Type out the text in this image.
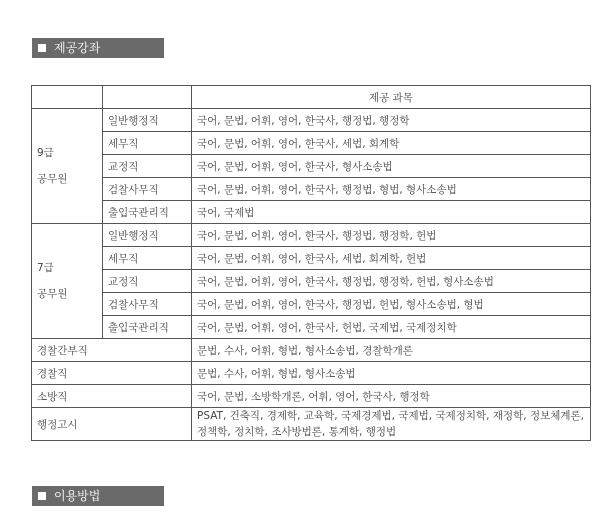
제공강좌
		제공 과목
9급
공무원	일반행정직	국어, 문법, 어휘, 영어, 한국사, 행정법, 행정학
	세무직	국어, 문법, 어휘, 영어, 한국사, 세법, 회계학
	교정직	국어, 문법, 어휘, 영어, 한국사, 형사소송법
	검찰사무직	국어, 문법, 어휘, 영어, 한국사, 행정법, 형법, 형사소송법
	출입국관리직	국어, 국제법
7급
공무원	일반행정직	국어, 문법, 어휘, 영어, 한국사, 행정법, 행정학, 헌법
	세무직	국어, 문법, 어휘, 영어, 한국사, 세법, 회계학, 헌법
	교정직	국어, 문법, 어휘, 영어, 한국사, 행정법, 행정학, 헌법, 형사소송법
	검찰사무직	국어, 문법, 어휘, 영어, 한국사, 행정법, 헌법, 형사소송법, 형법
	출입국관리직	국어, 문법, 어휘, 영어, 한국사, 헌법, 국제법, 국제정치학
경찰간부직		문법, 수사, 어휘, 형법, 형사소송법, 경찰학개론
경찰직		문법, 수사, 어휘, 형법, 형사소송법
소방직		국어, 문법, 소방학개론, 어휘, 영어, 한국사, 행정학
행정고시		PSAT, 건축직, 경제학, 교육학, 국제경제법, 국제법, 국제정치학, 재정학, 정보체계론, 정책학, 정치학, 조사방법론, 통계학, 행정법
이용방법
